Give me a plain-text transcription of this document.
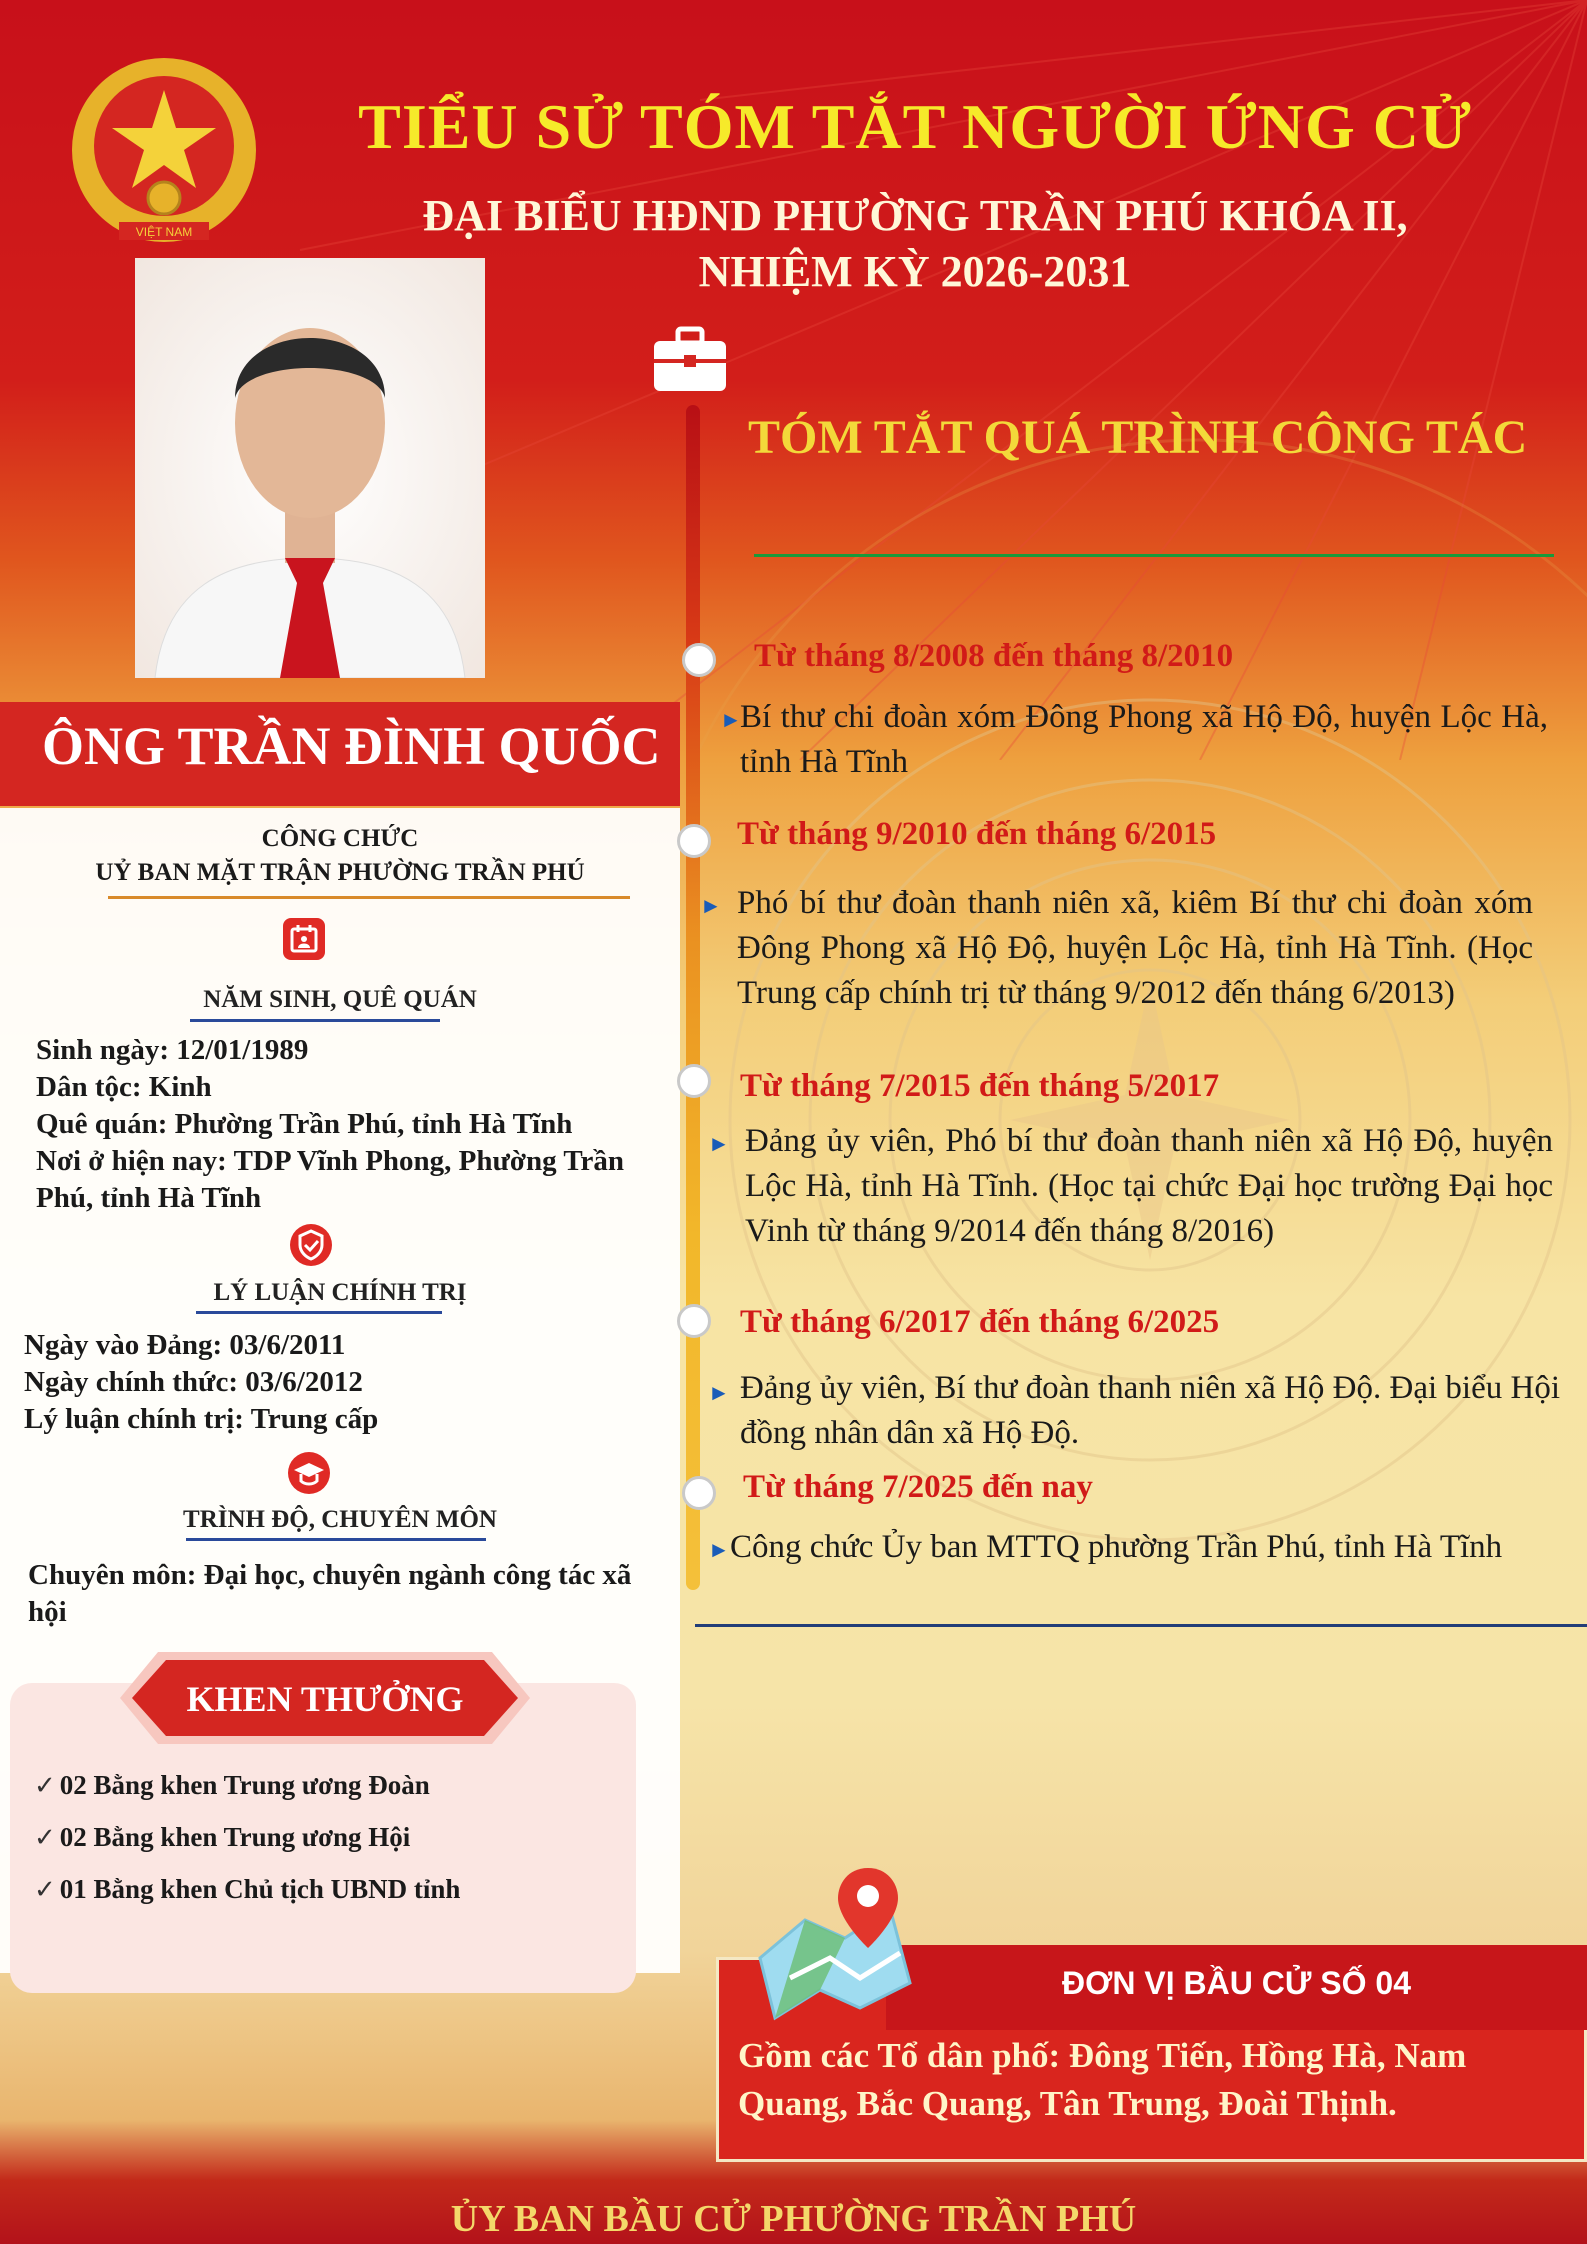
VIỆT NAM
TIỂU SỬ TÓM TẮT NGƯỜI ỨNG CỬ
ĐẠI BIỂU HĐND PHƯỜNG TRẦN PHÚ KHÓA II,
NHIỆM KỲ 2026-2031
ÔNG TRẦN ĐÌNH QUỐC
CÔNG CHỨC
UỶ BAN MẶT TRẬN PHƯỜNG TRẦN PHÚ
NĂM SINH, QUÊ QUÁN
Sinh ngày: 12/01/1989
Dân tộc: Kinh
Quê quán: Phường Trần Phú, tỉnh Hà Tĩnh
Nơi ở hiện nay: TDP Vĩnh Phong, Phường Trần Phú, tỉnh Hà Tĩnh
LÝ LUẬN CHÍNH TRỊ
Ngày vào Đảng: 03/6/2011
Ngày chính thức: 03/6/2012
Lý luận chính trị: Trung cấp
TRÌNH ĐỘ, CHUYÊN MÔN
Chuyên môn: Đại học, chuyên ngành công tác xã hội
KHEN THƯỞNG
✓ 02 Bằng khen Trung ương Đoàn
✓ 02 Bằng khen Trung ương Hội
✓ 01 Bằng khen Chủ tịch UBND tỉnh
TÓM TẮT QUÁ TRÌNH CÔNG TÁC
Từ tháng 8/2008 đến tháng 8/2010
►
Bí thư chi đoàn xóm Đông Phong xã Hộ Độ, huyện Lộc Hà, tỉnh Hà Tĩnh
Từ tháng 9/2010 đến tháng 6/2015
► Phó bí thư đoàn thanh niên xã, kiêm Bí thư chi đoàn xóm Đông Phong xã Hộ Độ, huyện Lộc Hà, tỉnh Hà Tĩnh. (Học Trung cấp chính trị từ tháng 9/2012 đến tháng 6/2013)
Từ tháng 7/2015 đến tháng 5/2017
► Đảng ủy viên, Phó bí thư đoàn thanh niên xã Hộ Độ, huyện Lộc Hà, tỉnh Hà Tĩnh. (Học tại chức Đại học trường Đại học Vinh từ tháng 9/2014 đến tháng 8/2016)
Từ tháng 6/2017 đến tháng 6/2025
► Đảng ủy viên, Bí thư đoàn thanh niên xã Hộ Độ. Đại biểu Hội đồng nhân dân xã Hộ Độ.
Từ tháng 7/2025 đến nay
► Công chức Ủy ban MTTQ phường Trần Phú, tỉnh Hà Tĩnh
ĐƠN VỊ BẦU CỬ SỐ 04
Gồm các Tổ dân phố: Đông Tiến, Hồng Hà, Nam Quang, Bắc Quang, Tân Trung, Đoài Thịnh.
ỦY BAN BẦU CỬ PHƯỜNG TRẦN PHÚ
